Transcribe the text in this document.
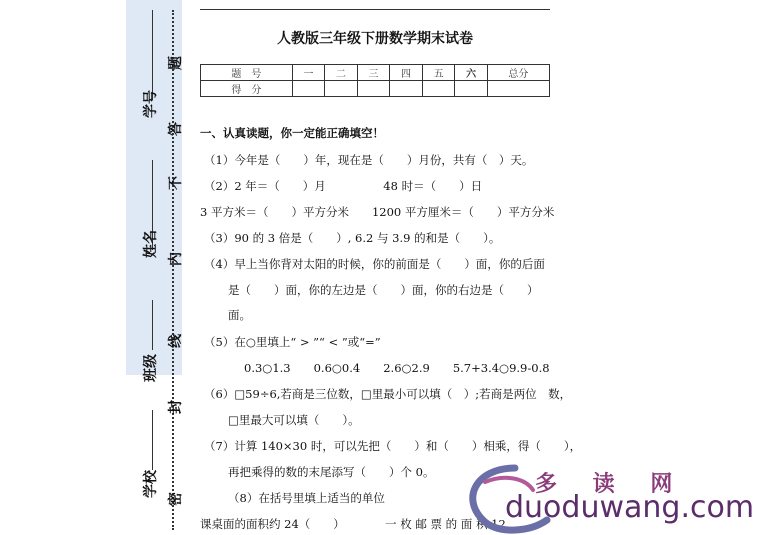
题
学号
答
不
姓名
内
线
班级
封
学校
密
人教版三年级下册数学期末试卷
题　号	一	二	三	四	五	六	总分
得　分							
一、认真读题，你一定能正确填空！
（1）今年是（　　）年，现在是（　　）月份，共有（　）天。
（2）2 年＝（　　）月　　　　　48 时＝（　　）日
3 平方米＝（　　）平方分米　　1200 平方厘米＝（　　）平方分米
（3）90 的 3 倍是（　　）, 6.2 与 3.9 的和是（　　）。
（4）早上当你背对太阳的时候，你的前面是（　　）面，你的后面
是（　　）面，你的左边是（　　）面，你的右边是（　　）
面。
（5）在○里填上“ > ”“ < ”或“=”
0.3○1.3　　0.6○0.4　　2.6○2.9　　5.7+3.4○9.9-0.8
（6）□59÷6,若商是三位数，□里最小可以填（　）;若商是两位　数，
□里最大可以填（　　）。
（7）计算 140×30 时，可以先把（　　）和（　　）相乘，得（　　），
再把乘得的数的末尾添写（　　）个 0。
（8）在括号里填上适当的单位
课桌面的面积约 24（　　）　　　　一 枚 邮 票 的 面 积 12
多 读 网
duoduwang.com
